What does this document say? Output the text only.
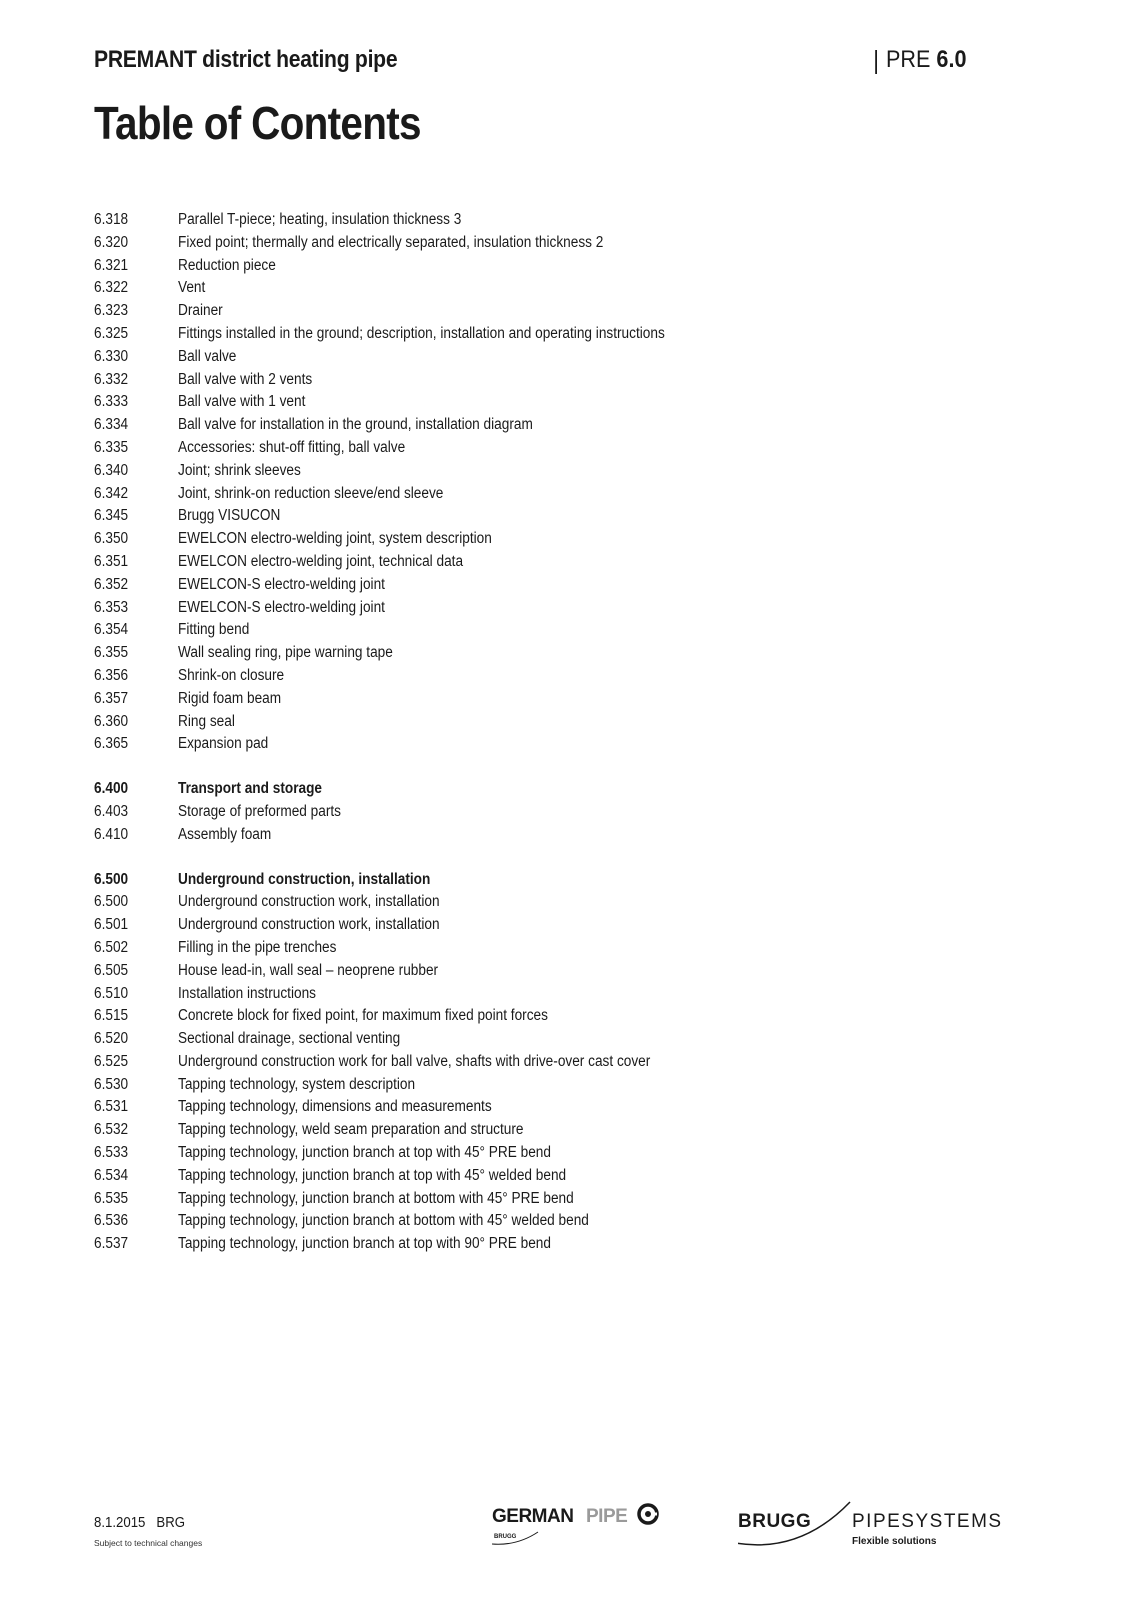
PREMANT district heating pipe	PRE 6.0
Table of Contents
6.318	Parallel T-piece; heating, insulation thickness 3
6.320	Fixed point; thermally and electrically separated, insulation thickness 2
6.321	Reduction piece
6.322	Vent
6.323	Drainer
6.325	Fittings installed in the ground; description, installation and operating instructions
6.330	Ball valve
6.332	Ball valve with 2 vents
6.333	Ball valve with 1 vent
6.334	Ball valve for installation in the ground, installation diagram
6.335	Accessories: shut-off fitting, ball valve
6.340	Joint; shrink sleeves
6.342	Joint, shrink-on reduction sleeve/end sleeve
6.345	Brugg VISUCON
6.350	EWELCON electro-welding joint, system description
6.351	EWELCON electro-welding joint, technical data
6.352	EWELCON-S electro-welding joint
6.353	EWELCON-S electro-welding joint
6.354	Fitting bend
6.355	Wall sealing ring, pipe warning tape
6.356	Shrink-on closure
6.357	Rigid foam beam
6.360	Ring seal
6.365	Expansion pad
6.400	Transport and storage
6.403	Storage of preformed parts
6.410	Assembly foam
6.500	Underground construction, installation
6.500	Underground construction work, installation
6.501	Underground construction work, installation
6.502	Filling in the pipe trenches
6.505	House lead-in, wall seal – neoprene rubber
6.510	Installation instructions
6.515	Concrete block for fixed point, for maximum fixed point forces
6.520	Sectional drainage, sectional venting
6.525	Underground construction work for ball valve, shafts with drive-over cast cover
6.530	Tapping technology, system description
6.531	Tapping technology, dimensions and measurements
6.532	Tapping technology, weld seam preparation and structure
6.533	Tapping technology, junction branch at top with 45° PRE bend
6.534	Tapping technology, junction branch at top with 45° welded bend
6.535	Tapping technology, junction branch at bottom with 45° PRE bend
6.536	Tapping technology, junction branch at bottom with 45° welded bend
6.537	Tapping technology, junction branch at top with 90° PRE bend
8.1.2015   BRG
Subject to technical changes
GERMAN PIPE
BRUGG
BRUGG PIPESYSTEMS
Flexible solutions
